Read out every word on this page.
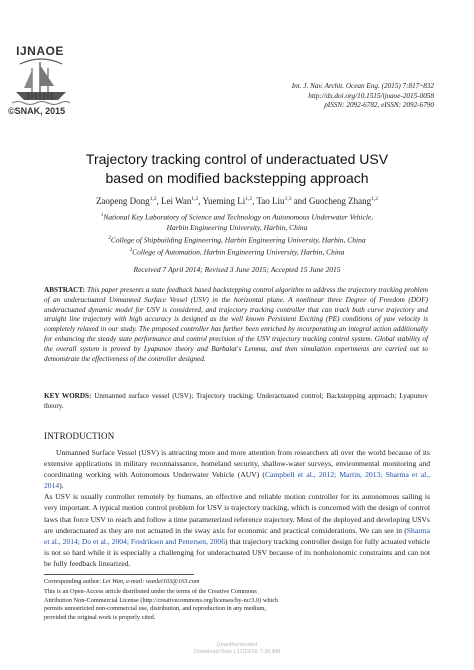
IJNAOE
©SNAK, 2015
Int. J. Nav. Archit. Ocean Eng. (2015) 7:817~832
http://dx.doi.org/10.1515/ijnaoe-2015-0058
pISSN: 2092-6782, eISSN: 2092-6790
Trajectory tracking control of underactuated USV
based on modified backstepping approach
Zaopeng Dong$^{1,2}$, Lei Wan$^{1,2}$, Yueming Li$^{1,2}$, Tao Liu$^{1,3}$ and Guocheng Zhang$^{1,2}$
$^1$National Key Laboratory of Science and Technology on Autonomous Underwater Vehicle,
Harbin Engineering University, Harbin, China
$^2$College of Shipbuilding Engineering, Harbin Engineering University, Harbin, China
$^3$College of Automation, Harbin Engineering University, Harbin, China
Received 7 April 2014; Revised 3 June 2015; Accepted 15 June 2015
ABSTRACT: This paper presents a state feedback based backstepping control algorithm to address the trajectory tracking problem of an underactuated Unmanned Surface Vessel (USV) in the horizontal plane. A nonlinear three Degree of Freedom (DOF) underactuated dynamic model for USV is considered, and trajectory tracking controller that can track both curve trajectory and straight line trajectory with high accuracy is designed as the well known Persistent Exciting (PE) conditions of yaw velocity is completely relaxed in our study. The proposed controller has further been enriched by incorporating an integral action additionally for enhancing the steady state performance and control precision of the USV trajectory tracking control system. Global stability of the overall system is proved by Lyapunov theory and Barbalat's Lemma, and then simulation experiments are carried out to demonstrate the effectiveness of the controller designed.
KEY WORDS: Unmanned surface vessel (USV); Trajectory tracking; Underactuated control; Backstepping approach; Lyapunov theory.
INTRODUCTION
Unmanned Surface Vessel (USV) is attracting more and more attention from researchers all over the world because of its extensive applications in military reconnaissance, homeland security, shallow-water surveys, environmental monitoring and coordinating working with Autonomous Underwater Vehicle (AUV) (Campbell et al., 2012; Martin, 2013; Sharma et al., 2014).
As USV is usually controller remotely by humans, an effective and reliable motion controller for its autonomous sailing is very important. A typical motion control problem for USV is trajectory tracking, which is concerned with the design of control laws that force USV to reach and follow a time parameterized reference trajectory. Most of the deployed and developing USVs are underactuated as they are not actuated in the sway axis for economic and practical considerations. We can see in (Sharma et al., 2014; Do et al., 2004; Fredriksen and Pettersen, 2006) that trajectory tracking controller design for fully actuated vehicle is not so hard while it is especially a challenging for underactuated USV because of its nonholonomic constraints and can not be fully feedback linearized.
Corresponding author: Lei Wan, e-mail: wanlei103@163.com
This is an Open-Access article distributed under the terms of the Creative Commons Attribution Non-Commercial License (http://creativecommons.org/licenses/by-nc/3.0) which permits unrestricted non-commercial use, distribution, and reproduction in any medium, provided the original work is properly cited.
Unauthenticated
Download Date | 11/19/15 7:36 AM
